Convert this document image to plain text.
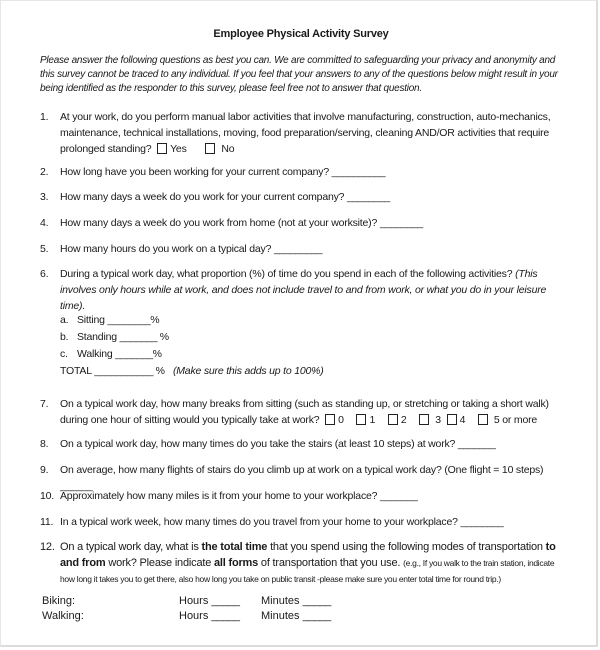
Employee Physical Activity Survey
Please answer the following questions as best you can. We are committed to safeguarding your privacy and anonymity and this survey cannot be traced to any individual. If you feel that your answers to any of the questions below might result in your being identified as the responder to this survey, please feel free not to answer that question.
1. At your work, do you perform manual labor activities that involve manufacturing, construction, auto-mechanics, maintenance, technical installations, moving, food preparation/serving, cleaning AND/OR activities that require prolonged standing? Yes	No
2. How long have you been working for your current company? __________
3. How many days a week do you work for your current company? ________
4. How many days a week do you work from home (not at your worksite)? ________
5. How many hours do you work on a typical day? _________
6. During a typical work day, what proportion (%) of time do you spend in each of the following activities? (This involves only hours while at work, and does not include travel to and from work, or what you do in your leisure time).
a. Sitting ________%
b. Standing _______ %
c. Walking _______%
TOTAL ___________ % (Make sure this adds up to 100%)
7. On a typical work day, how many breaks from sitting (such as standing up, or stretching or taking a short walk) during one hour of sitting would you typically take at work? 0 1 2	3 4	5 or more
8. On a typical work day, how many times do you take the stairs (at least 10 steps) at work? _______
9. On average, how many flights of stairs do you climb up at work on a typical work day? (One flight = 10 steps) ______
10. Approximately how many miles is it from your home to your workplace? _______
11. In a typical work week, how many times do you travel from your home to your workplace? ________
12. On a typical work day, what is the total time that you spend using the following modes of transportation to and from work? Please indicate all forms of transportation that you use. (e.g., If you walk to the train station, indicate how long it takes you to get there, also how long you take on public transit -please make sure you enter total time for round trip.)
Biking:	Hours _____ Minutes _____
Walking:	Hours _____ Minutes _____
